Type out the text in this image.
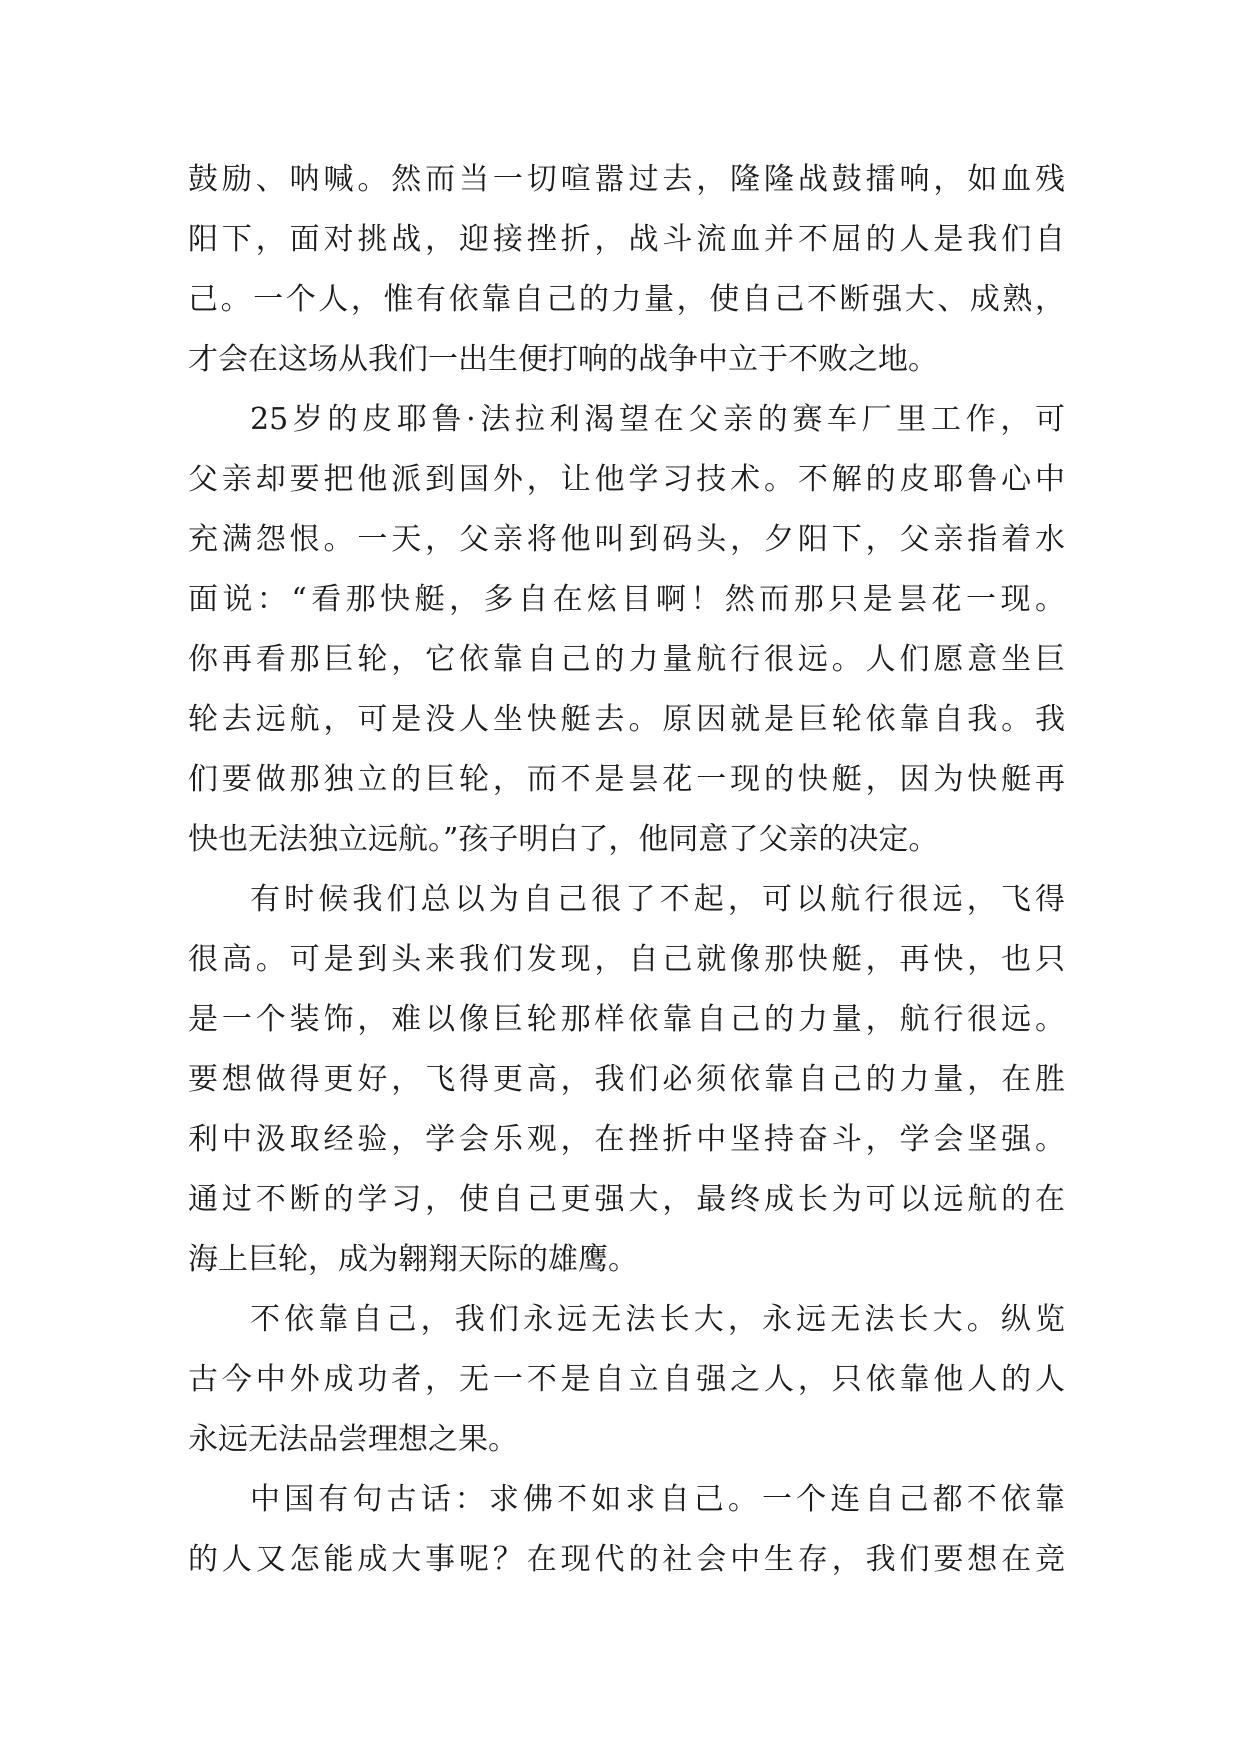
鼓励、呐喊。然而当一切喧嚣过去，隆隆战鼓擂响，如血残
阳下，面对挑战，迎接挫折，战斗流血并不屈的人是我们自
己。一个人，惟有依靠自己的力量，使自己不断强大、成熟，
才会在这场从我们一出生便打响的战争中立于不败之地。
25岁的皮耶鲁·法拉利渴望在父亲的赛车厂里工作，可
父亲却要把他派到国外，让他学习技术。不解的皮耶鲁心中
充满怨恨。一天，父亲将他叫到码头，夕阳下，父亲指着水
面说：“看那快艇，多自在炫目啊！然而那只是昙花一现。
你再看那巨轮，它依靠自己的力量航行很远。人们愿意坐巨
轮去远航，可是没人坐快艇去。原因就是巨轮依靠自我。我
们要做那独立的巨轮，而不是昙花一现的快艇，因为快艇再
快也无法独立远航。”孩子明白了，他同意了父亲的决定。
有时候我们总以为自己很了不起，可以航行很远，飞得
很高。可是到头来我们发现，自己就像那快艇，再快，也只
是一个装饰，难以像巨轮那样依靠自己的力量，航行很远。
要想做得更好，飞得更高，我们必须依靠自己的力量，在胜
利中汲取经验，学会乐观，在挫折中坚持奋斗，学会坚强。
通过不断的学习，使自己更强大，最终成长为可以远航的在
海上巨轮，成为翱翔天际的雄鹰。
不依靠自己，我们永远无法长大，永远无法长大。纵览
古今中外成功者，无一不是自立自强之人，只依靠他人的人
永远无法品尝理想之果。
中国有句古话：求佛不如求自己。一个连自己都不依靠
的人又怎能成大事呢？在现代的社会中生存，我们要想在竞
